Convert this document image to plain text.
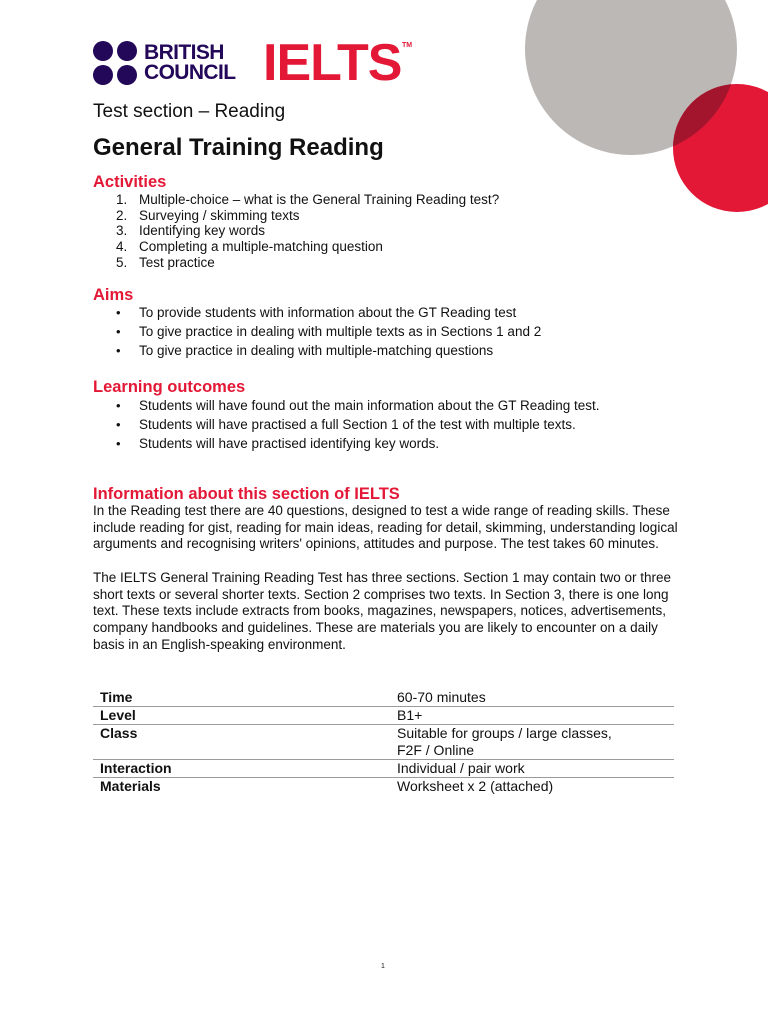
BRITISH
COUNCIL IELTS TM
Test section – Reading
General Training Reading
Activities
1. Multiple-choice – what is the General Training Reading test?
2. Surveying / skimming texts
3. Identifying key words
4. Completing a multiple-matching question
5. Test practice
Aims
• To provide students with information about the GT Reading test
• To give practice in dealing with multiple texts as in Sections 1 and 2
• To give practice in dealing with multiple-matching questions
Learning outcomes
• Students will have found out the main information about the GT Reading test.
• Students will have practised a full Section 1 of the test with multiple texts.
• Students will have practised identifying key words.
Information about this section of IELTS

In the Reading test there are 40 questions, designed to test a wide range of reading skills. These include reading for gist, reading for main ideas, reading for detail, skimming, understanding logical arguments and recognising writers' opinions, attitudes and purpose. The test takes 60 minutes.

The IELTS General Training Reading Test has three sections. Section 1 may contain two or three short texts or several shorter texts. Section 2 comprises two texts. In Section 3, there is one long text. These texts include extracts from books, magazines, newspapers, notices, advertisements, company handbooks and guidelines. These are materials you are likely to encounter on a daily basis in an English-speaking environment.

Time	60-70 minutes
Level	B1+
Class	Suitable for groups / large classes,
F2F / Online

Interaction	Individual / pair work
Materials	Worksheet x 2 (attached)
1
